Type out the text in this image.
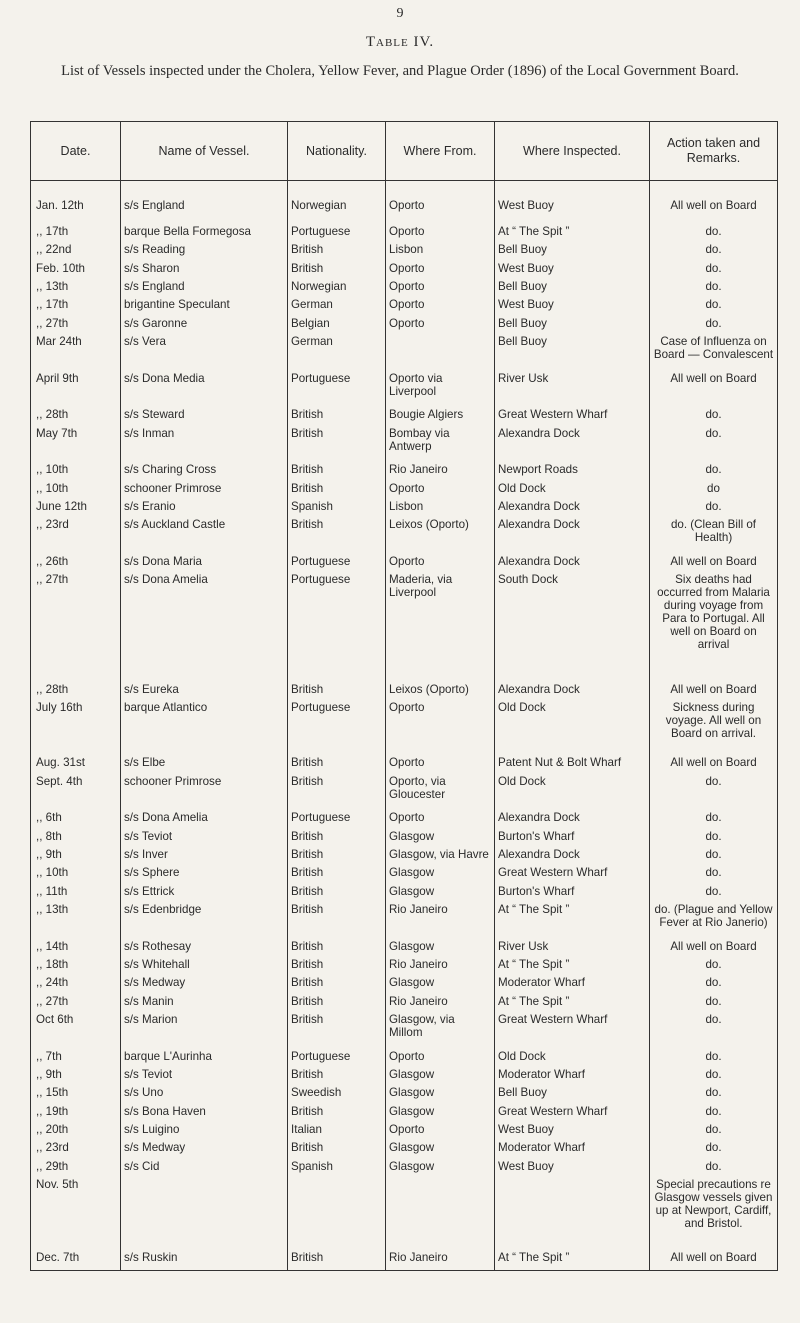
9
Table IV.
List of Vessels inspected under the Cholera, Yellow Fever, and Plague Order (1896) of the Local Government Board.
Date.	Name of Vessel.	Nationality.	Where From.	Where Inspected.	Action taken and Remarks.
Jan. 12th	s/s England	Norwegian	Oporto	West Buoy	All well on Board
,, 17th	barque Bella Formegosa	Portuguese	Oporto	At “ The Spit ”	do.
,, 22nd	s/s Reading	British	Lisbon	Bell Buoy	do.
Feb. 10th	s/s Sharon	British	Oporto	West Buoy	do.
,, 13th	s/s England	Norwegian	Oporto	Bell Buoy	do.
,, 17th	brigantine Speculant	German	Oporto	West Buoy	do.
,, 27th	s/s Garonne	Belgian	Oporto	Bell Buoy	do.
Mar 24th	s/s Vera	German		Bell Buoy	Case of Influenza on Board — Convalescent
April 9th	s/s Dona Media	Portuguese	Oporto via Liverpool	River Usk	All well on Board
,, 28th	s/s Steward	British	Bougie Algiers	Great Western Wharf	do.
May 7th	s/s Inman	British	Bombay via Antwerp	Alexandra Dock	do.
,, 10th	s/s Charing Cross	British	Rio Janeiro	Newport Roads	do.
,, 10th	schooner Primrose	British	Oporto	Old Dock	do
June 12th	s/s Eranio	Spanish	Lisbon	Alexandra Dock	do.
,, 23rd	s/s Auckland Castle	British	Leixos (Oporto)	Alexandra Dock	do. (Clean Bill of Health)
,, 26th	s/s Dona Maria	Portuguese	Oporto	Alexandra Dock	All well on Board
,, 27th	s/s Dona Amelia	Portuguese	Maderia, via Liverpool	South Dock	Six deaths had occurred from Malaria during voyage from Para to Portugal. All well on Board on arrival
,, 28th	s/s Eureka	British	Leixos (Oporto)	Alexandra Dock	All well on Board
July 16th	barque Atlantico	Portuguese	Oporto	Old Dock	Sickness during voyage. All well on Board on arrival.
Aug. 31st	s/s Elbe	British	Oporto	Patent Nut & Bolt Wharf	All well on Board
Sept. 4th	schooner Primrose	British	Oporto, via Gloucester	Old Dock	do.
,, 6th	s/s Dona Amelia	Portuguese	Oporto	Alexandra Dock	do.
,, 8th	s/s Teviot	British	Glasgow	Burton's Wharf	do.
,, 9th	s/s Inver	British	Glasgow, via Havre	Alexandra Dock	do.
,, 10th	s/s Sphere	British	Glasgow	Great Western Wharf	do.
,, 11th	s/s Ettrick	British	Glasgow	Burton's Wharf	do.
,, 13th	s/s Edenbridge	British	Rio Janeiro	At “ The Spit ”	do. (Plague and Yellow Fever at Rio Janerio)
,, 14th	s/s Rothesay	British	Glasgow	River Usk	All well on Board
,, 18th	s/s Whitehall	British	Rio Janeiro	At “ The Spit ”	do.
,, 24th	s/s Medway	British	Glasgow	Moderator Wharf	do.
,, 27th	s/s Manin	British	Rio Janeiro	At “ The Spit ”	do.
Oct 6th	s/s Marion	British	Glasgow, via Millom	Great Western Wharf	do.
,, 7th	barque L'Aurinha	Portuguese	Oporto	Old Dock	do.
,, 9th	s/s Teviot	British	Glasgow	Moderator Wharf	do.
,, 15th	s/s Uno	Sweedish	Glasgow	Bell Buoy	do.
,, 19th	s/s Bona Haven	British	Glasgow	Great Western Wharf	do.
,, 20th	s/s Luigino	Italian	Oporto	West Buoy	do.
,, 23rd	s/s Medway	British	Glasgow	Moderator Wharf	do.
,, 29th	s/s Cid	Spanish	Glasgow	West Buoy	do.
Nov. 5th					Special precautions re Glasgow vessels given up at Newport, Cardiff, and Bristol.
Dec. 7th	s/s Ruskin	British	Rio Janeiro	At “ The Spit ”	All well on Board
